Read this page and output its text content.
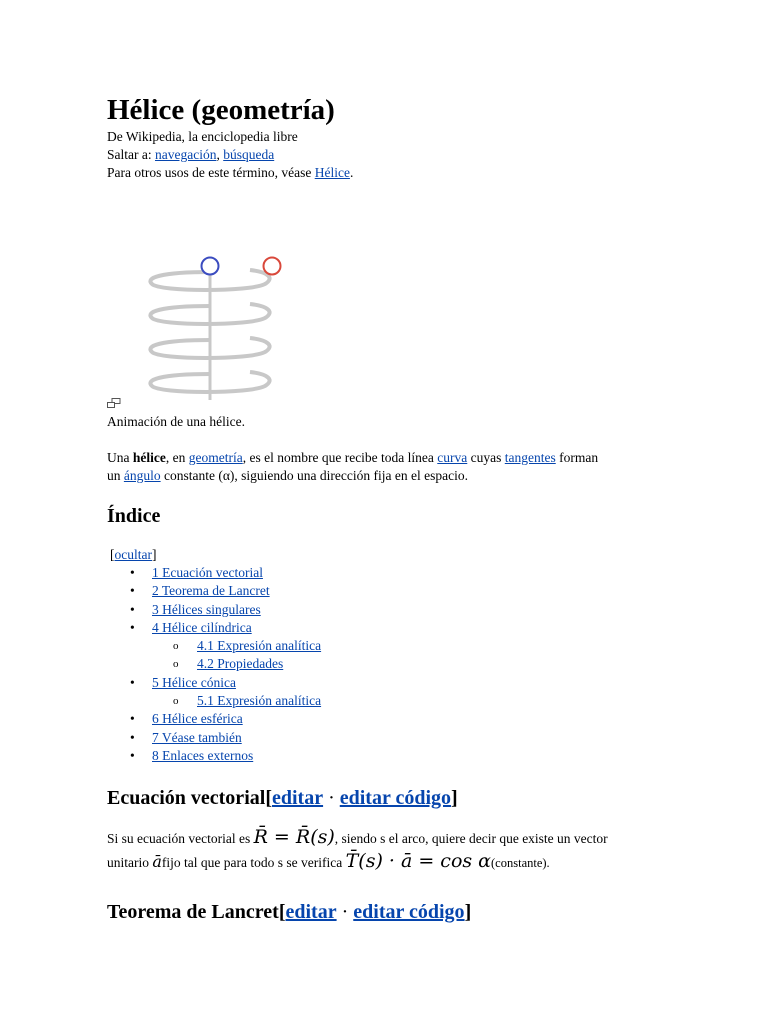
Hélice (geometría)
De Wikipedia, la enciclopedia libre
Saltar a: navegación, búsqueda
Para otros usos de este término, véase Hélice.
Animación de una hélice.
Una hélice, en geometría, es el nombre que recibe toda línea curva cuyas tangentes forman
un ángulo constante (α), siguiendo una dirección fija en el espacio.
Índice
[ocultar]
• 1 Ecuación vectorial
• 2 Teorema de Lancret
• 3 Hélices singulares
• 4 Hélice cilíndrica
o 4.1 Expresión analítica
o 4.2 Propiedades
• 5 Hélice cónica
o 5.1 Expresión analítica
• 6 Hélice esférica
• 7 Véase también
• 8 Enlaces externos
Ecuación vectorial[editar · editar código]
Si su ecuación vectorial es R̄ = R̄(s), siendo s el arco, quiere decir que existe un vector
unitario āfijo tal que para todo s se verifica T̄(s) · ā = cos α(constante).
Teorema de Lancret[editar · editar código]
